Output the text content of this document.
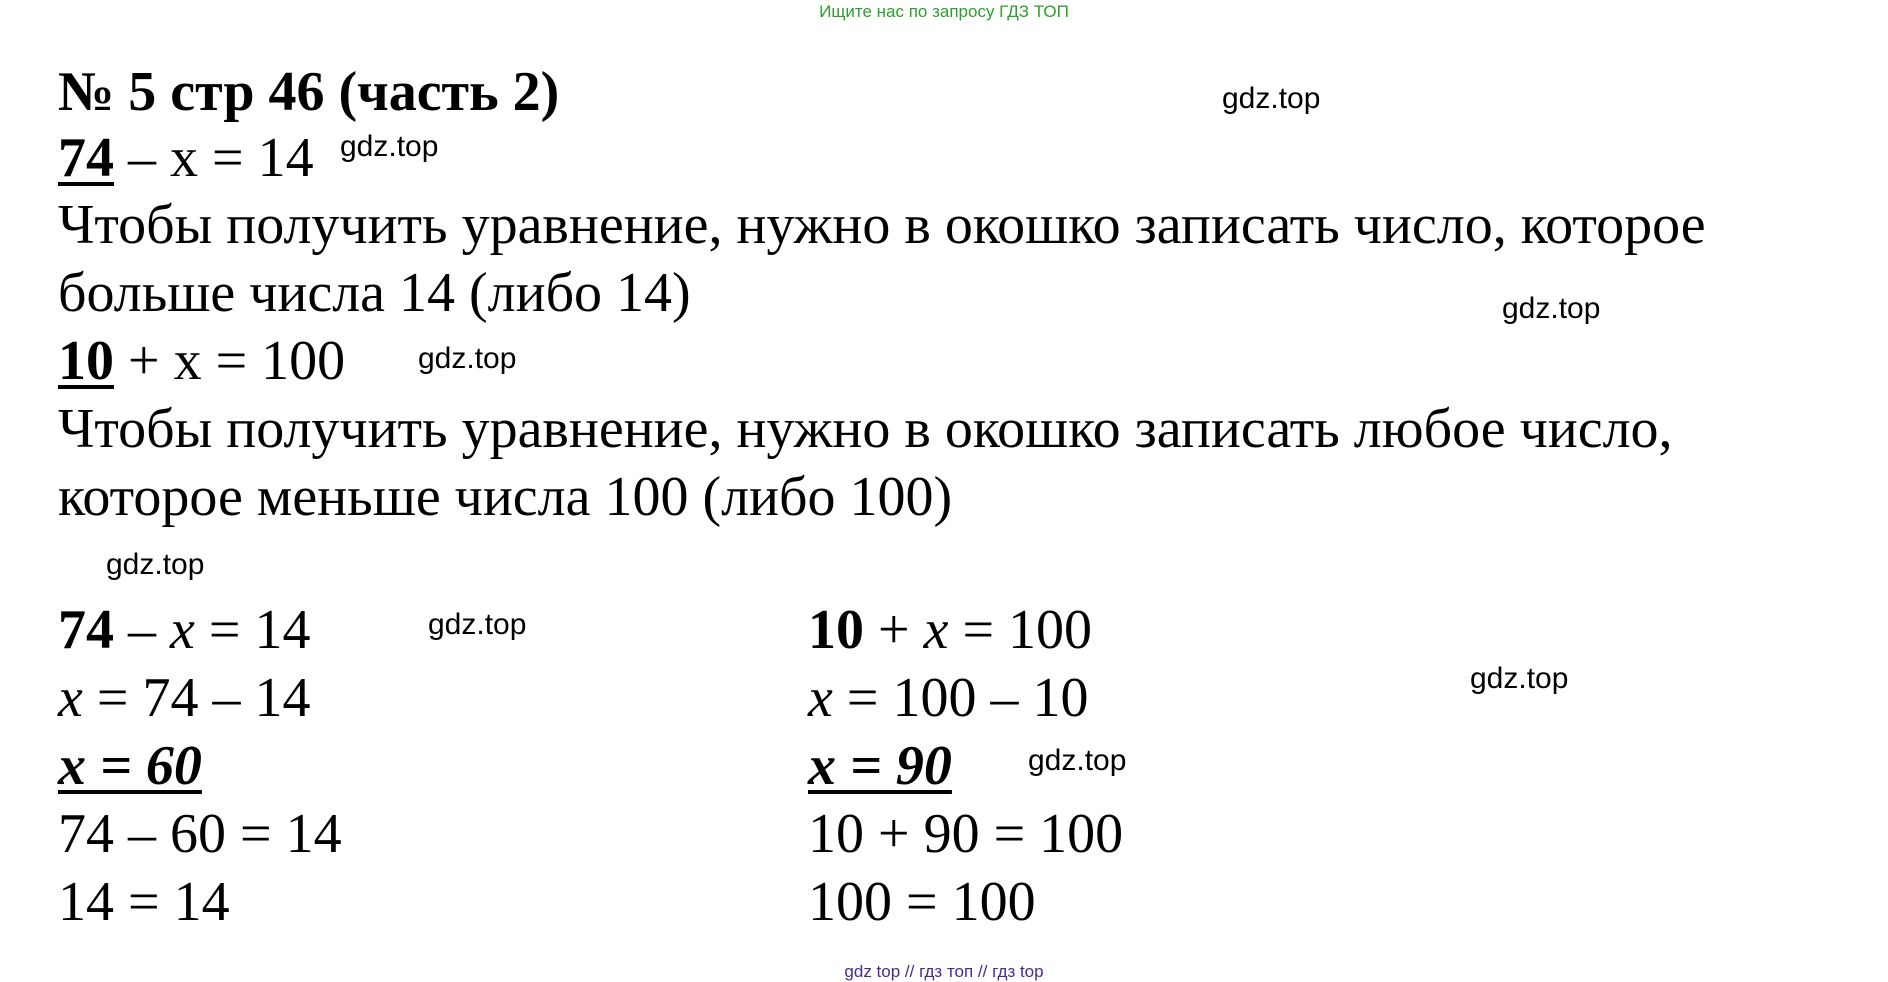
Ищите нас по запросу ГДЗ ТОП
№ 5 стр 46 (часть 2)	gdz.top
gdz.top
gdz.top
gdz.top
gdz.top
gdz.top
gdz.top
gdz.top
74 – x = 14
Чтобы получить уравнение, нужно в окошко записать число, которое
больше числа 14 (либо 14)
10 + x = 100
Чтобы получить уравнение, нужно в окошко записать любое число,
которое меньше числа 100 (либо 100)
74 – x = 14
x = 74 – 14
x = 60
74 – 60 = 14
14 = 14
10 + x = 100
x = 100 – 10
x = 90
10 + 90 = 100
100 = 100
gdz top // гдз топ // гдз top
